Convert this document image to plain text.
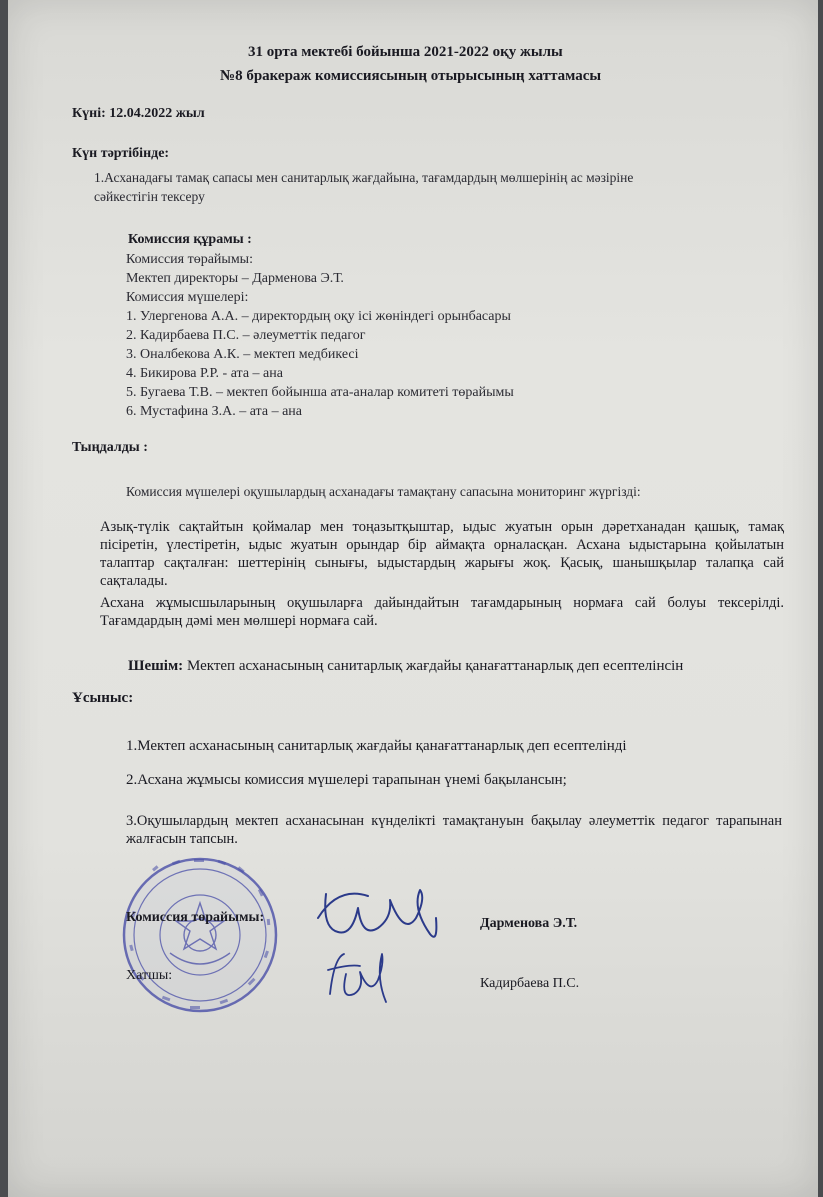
31 орта мектебі бойынша 2021-2022 оқу жылы
№8 бракераж комиссиясының отырысының хаттамасы
Күні: 12.04.2022 жыл
Күн тәртібінде:
1.Асханадағы тамақ сапасы мен санитарлық жағдайына, тағамдардың мөлшерінің ас мәзіріне
сәйкестігін тексеру
Комиссия құрамы :
Комиссия төрайымы:
Мектеп директоры – Дарменова Э.Т.
Комиссия мүшелері:
1. Улергенова А.А. – директордың оқу ісі жөніндегі орынбасары
2. Кадирбаева П.С. – әлеуметтік педагог
3. Оналбекова А.К. – мектеп медбикесі
4. Бикирова Р.Р. - ата – ана
5. Бугаева Т.В. – мектеп бойынша ата-аналар комитеті төрайымы
6. Мустафина З.А. – ата – ана
Тыңдалды :
Комиссия мүшелері оқушылардың асханадағы тамақтану сапасына мониторинг жүргізді:
Азық-түлік сақтайтын қоймалар мен тоңазытқыштар, ыдыс жуатын орын дәретханадан қашық, тамақ пісіретін, үлестіретін, ыдыс жуатын орындар бір аймақта орналасқан. Асхана ыдыстарына қойылатын талаптар сақталған: шеттерінің сынығы, ыдыстардың жарығы жоқ. Қасық, шанышқылар талапқа сай сақталады.
Асхана жұмысшыларының оқушыларға дайындайтын тағамдарының нормаға сай болуы тексерілді. Тағамдардың дәмі мен мөлшері нормаға сай.
Шешім: Мектеп асханасының санитарлық жағдайы қанағаттанарлық деп есептелінсін
Ұсыныс:
1.Мектеп асханасының санитарлық жағдайы қанағаттанарлық деп есептелінді
2.Асхана жұмысы комиссия мүшелері тарапынан үнемі бақылансын;
3.Оқушылардың мектеп асханасынан күнделікті тамақтануын бақылау әлеуметтік педагог тарапынан жалғасын тапсын.
Комиссия төрайымы:	Дарменова Э.Т.
Хатшы:
Кадирбаева П.С.
